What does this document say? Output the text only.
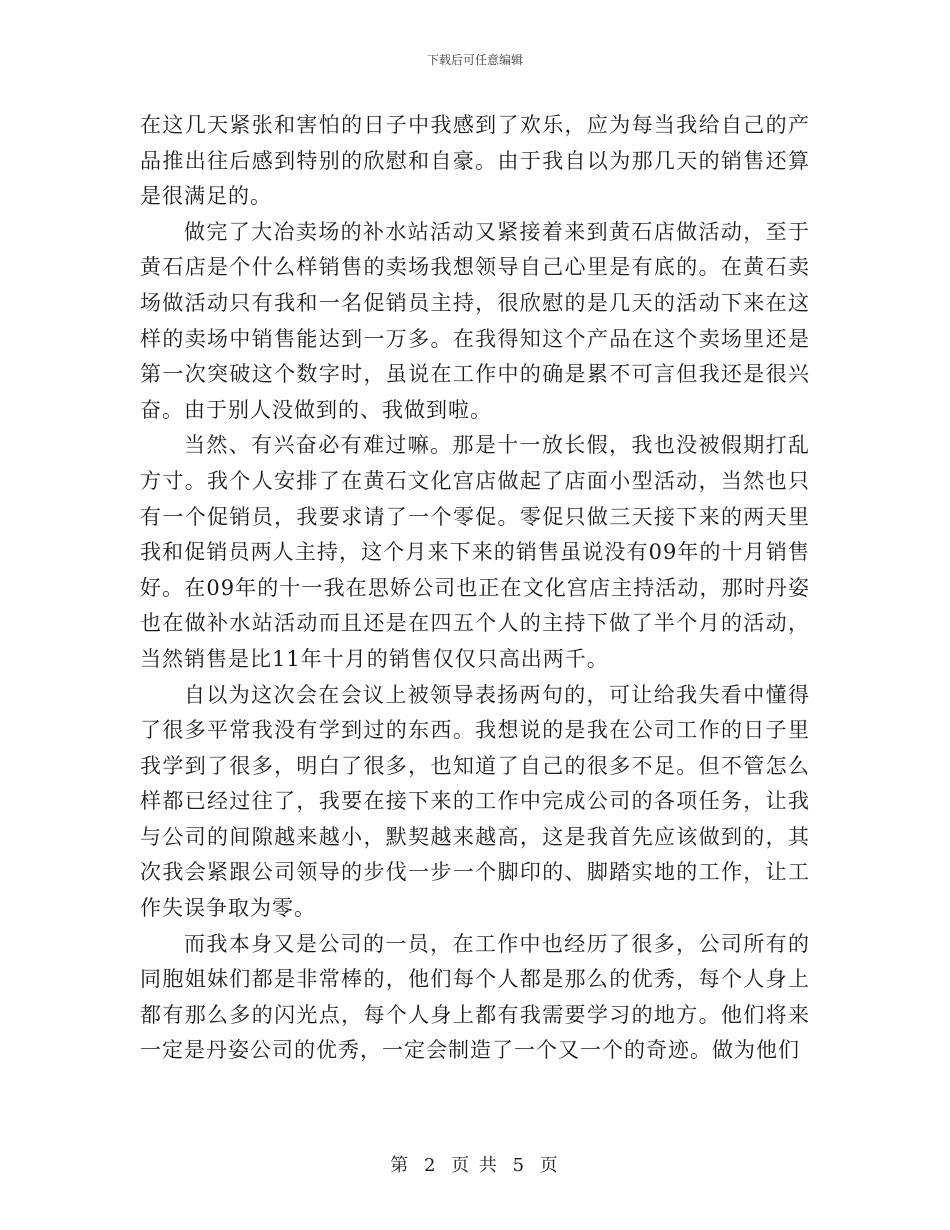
下载后可任意编辑

在这几天紧张和害怕的日子中我感到了欢乐，应为每当我给自己的产品推出往后感到特别的欣慰和自豪。由于我自以为那几天的销售还算是很满足的。

做完了大冶卖场的补水站活动又紧接着来到黄石店做活动，至于黄石店是个什么样销售的卖场我想领导自己心里是有底的。在黄石卖场做活动只有我和一名促销员主持，很欣慰的是几天的活动下来在这样的卖场中销售能达到一万多。在我得知这个产品在这个卖场里还是第一次突破这个数字时，虽说在工作中的确是累不可言但我还是很兴奋。由于别人没做到的、我做到啦。

当然、有兴奋必有难过嘛。那是十一放长假，我也没被假期打乱方寸。我个人安排了在黄石文化宫店做起了店面小型活动，当然也只有一个促销员，我要求请了一个零促。零促只做三天接下来的两天里我和促销员两人主持，这个月来下来的销售虽说没有09年的十月销售好。在09年的十一我在思娇公司也正在文化宫店主持活动，那时丹姿也在做补水站活动而且还是在四五个人的主持下做了半个月的活动，当然销售是比11年十月的销售仅仅只高出两千。

自以为这次会在会议上被领导表扬两句的，可让给我失看中懂得了很多平常我没有学到过的东西。我想说的是我在公司工作的日子里我学到了很多，明白了很多，也知道了自己的很多不足。但不管怎么样都已经过往了，我要在接下来的工作中完成公司的各项任务，让我与公司的间隙越来越小，默契越来越高，这是我首先应该做到的，其次我会紧跟公司领导的步伐一步一个脚印的、脚踏实地的工作，让工作失误争取为零。

而我本身又是公司的一员，在工作中也经历了很多，公司所有的同胞姐妹们都是非常棒的，他们每个人都是那么的优秀，每个人身上都有那么多的闪光点，每个人身上都有我需要学习的地方。他们将来一定是丹姿公司的优秀，一定会制造了一个又一个的奇迹。做为他们

第 2 页 共 5 页
